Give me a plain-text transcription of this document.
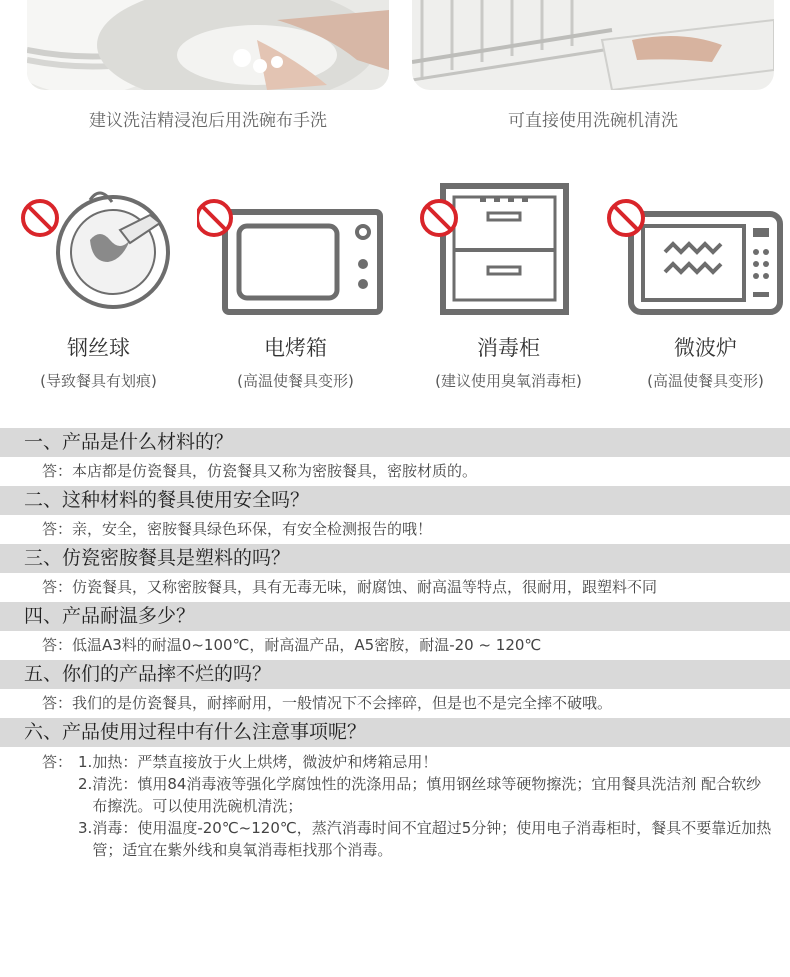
建议洗洁精浸泡后用洗碗布手洗	可直接使用洗碗机清洗
钢丝球
(导致餐具有划痕)
电烤箱
(高温使餐具变形)
消毒柜
(建议使用臭氧消毒柜)
微波炉
(高温使餐具变形)
一、产品是什么材料的？
答：本店都是仿瓷餐具，仿瓷餐具又称为密胺餐具，密胺材质的。
二、这种材料的餐具使用安全吗？
答：亲，安全，密胺餐具绿色环保，有安全检测报告的哦！
三、仿瓷密胺餐具是塑料的吗？
答：仿瓷餐具，又称密胺餐具，具有无毒无味，耐腐蚀、耐高温等特点，很耐用，跟塑料不同
四、产品耐温多少？
答：低温A3料的耐温0~100℃，耐高温产品，A5密胺，耐温-20 ~ 120℃
五、你们的产品摔不烂的吗？
答：我们的是仿瓷餐具，耐摔耐用，一般情况下不会摔碎，但是也不是完全摔不破哦。
六、产品使用过程中有什么注意事项呢？
答： 1. 加热：严禁直接放于火上烘烤，微波炉和烤箱忌用！
2. 清洗：慎用84消毒液等强化学腐蚀性的洗涤用品；慎用钢丝球等硬物擦洗；宜用餐具洗洁剂 配合软纱布擦洗。可以使用洗碗机清洗；
3. 消毒：使用温度-20℃~120℃，蒸汽消毒时间不宜超过5分钟；使用电子消毒柜时，餐具不要靠近加热管；适宜在紫外线和臭氧消毒柜找那个消毒。
